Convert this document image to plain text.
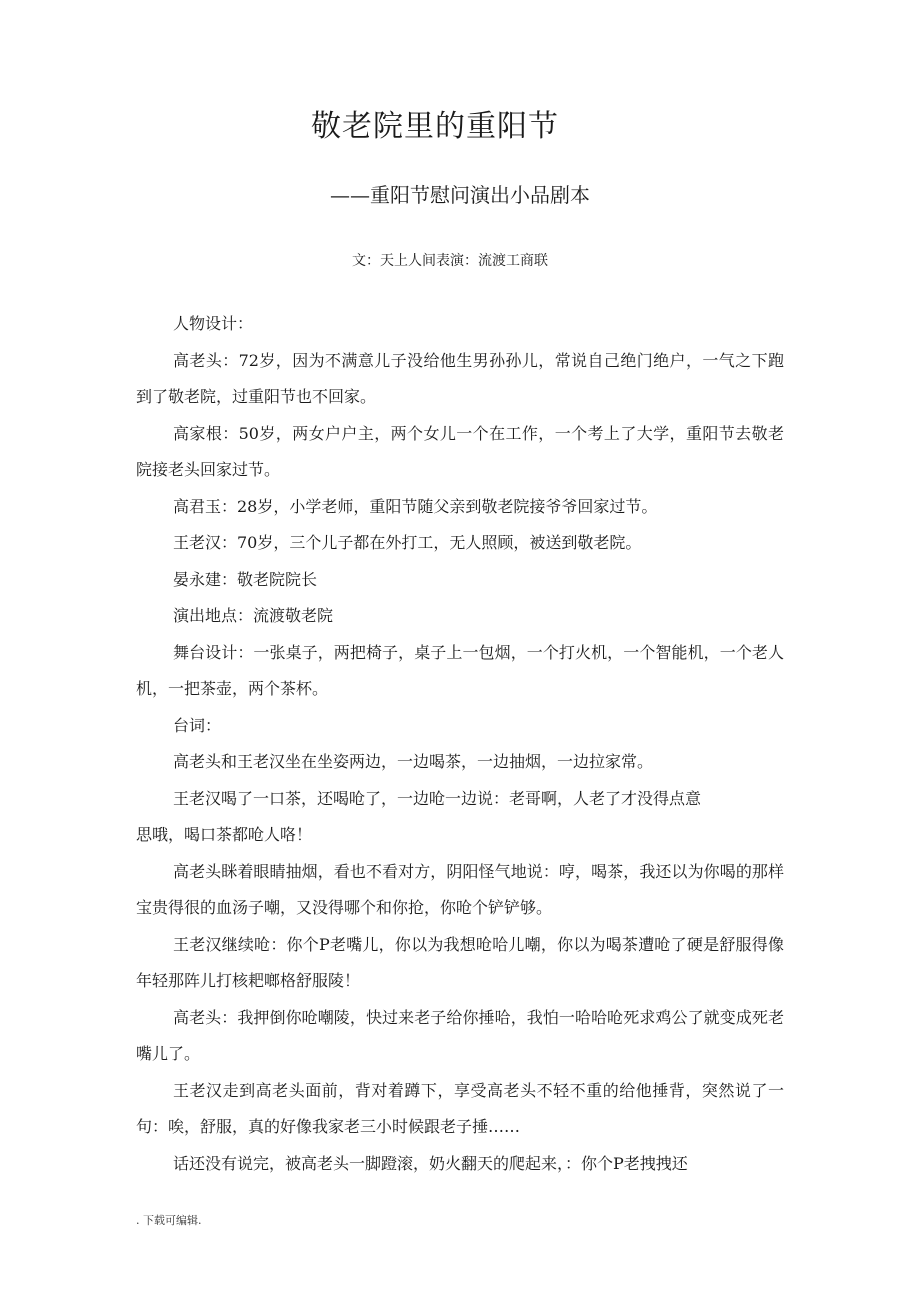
敬老院里的重阳节
——重阳节慰问演出小品剧本
文：天上人间表演：流渡工商联

人物设计：

高老头：72岁，因为不满意儿子没给他生男孙孙儿，常说自己绝门绝户，一气之下跑到了敬老院，过重阳节也不回家。

高家根：50岁，两女户户主，两个女儿一个在工作，一个考上了大学，重阳节去敬老院接老头回家过节。

高君玉：28岁，小学老师，重阳节随父亲到敬老院接爷爷回家过节。

王老汉：70岁，三个儿子都在外打工，无人照顾，被送到敬老院。

晏永建：敬老院院长

演出地点：流渡敬老院

舞台设计：一张桌子，两把椅子，桌子上一包烟，一个打火机，一个智能机，一个老人机，一把茶壶，两个茶杯。

台词：

高老头和王老汉坐在坐姿两边，一边喝茶，一边抽烟，一边拉家常。

王老汉喝了一口茶，还喝呛了，一边呛一边说：老哥啊，人老了才没得点意

思哦，喝口茶都呛人咯！

高老头眯着眼睛抽烟，看也不看对方，阴阳怪气地说：哼，喝茶，我还以为你喝的那样宝贵得很的血汤子嘲，又没得哪个和你抢，你呛个铲铲够。

王老汉继续呛：你个P老嘴儿，你以为我想呛哈儿嘲，你以为喝茶遭呛了硬是舒服得像年轻那阵儿打核耙啷格舒服陵！

高老头：我押倒你呛嘲陵，快过来老子给你捶哈，我怕一哈哈呛死求鸡公了就变成死老嘴儿了。

王老汉走到高老头面前，背对着蹲下，享受高老头不轻不重的给他捶背，突然说了一句：唉，舒服，真的好像我家老三小时候跟老子捶……

话还没有说完，被高老头一脚蹬滚，奶火翻天的爬起来，：你个P老拽拽还

. 下载可编辑.
